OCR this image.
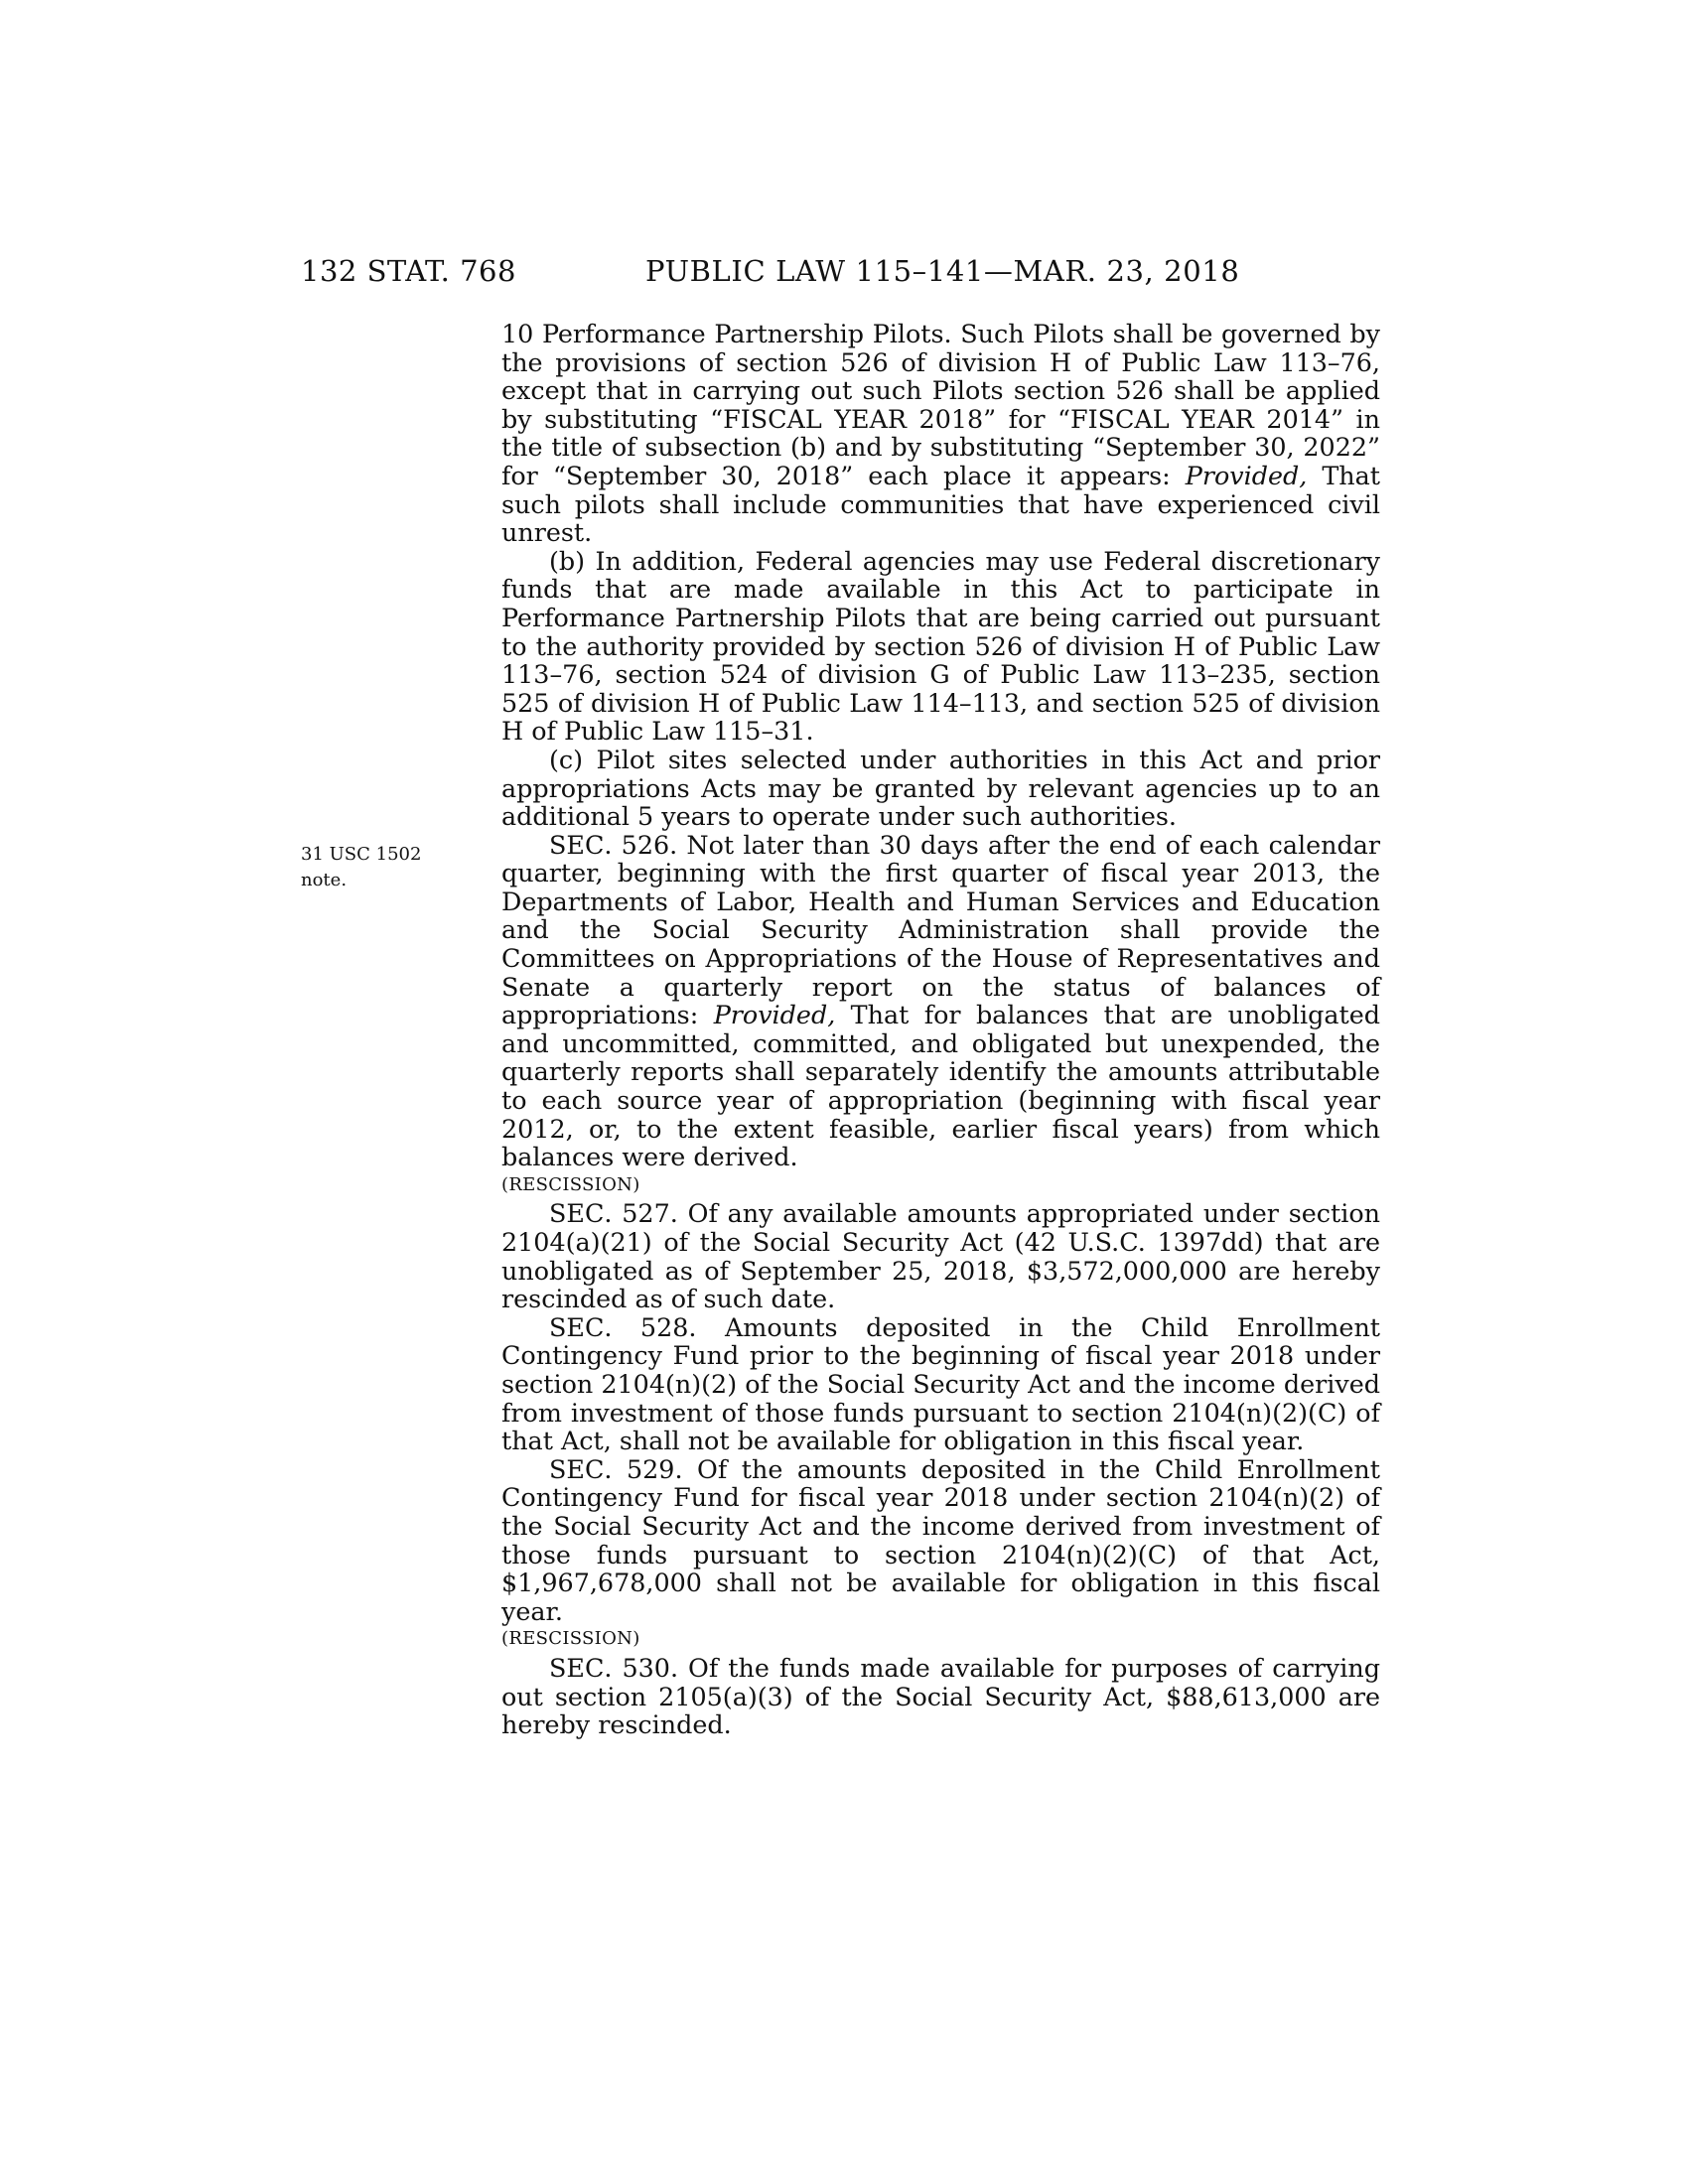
132 STAT. 768	PUBLIC LAW 115–141—MAR. 23, 2018
31 USC 1502
note.

10 Performance Partnership Pilots. Such Pilots shall be governed by the provisions of section 526 of division H of Public Law 113–76, except that in carrying out such Pilots section 526 shall be applied by substituting “FISCAL YEAR 2018” for “FISCAL YEAR 2014” in the title of subsection (b) and by substituting “September 30, 2022” for “September 30, 2018” each place it appears: Provided, That such pilots shall include communities that have experienced civil unrest.

(b) In addition, Federal agencies may use Federal discretionary funds that are made available in this Act to participate in Performance Partnership Pilots that are being carried out pursuant to the authority provided by section 526 of division H of Public Law 113–76, section 524 of division G of Public Law 113–235, section 525 of division H of Public Law 114–113, and section 525 of division H of Public Law 115–31.

(c) Pilot sites selected under authorities in this Act and prior appropriations Acts may be granted by relevant agencies up to an additional 5 years to operate under such authorities.

SEC. 526. Not later than 30 days after the end of each calendar quarter, beginning with the first quarter of fiscal year 2013, the Departments of Labor, Health and Human Services and Education and the Social Security Administration shall provide the Committees on Appropriations of the House of Representatives and Senate a quarterly report on the status of balances of appropriations: Provided, That for balances that are unobligated and uncommitted, committed, and obligated but unexpended, the quarterly reports shall separately identify the amounts attributable to each source year of appropriation (beginning with fiscal year 2012, or, to the extent feasible, earlier fiscal years) from which balances were derived.

(RESCISSION)

SEC. 527. Of any available amounts appropriated under section 2104(a)(21) of the Social Security Act (42 U.S.C. 1397dd) that are unobligated as of September 25, 2018, $3,572,000,000 are hereby rescinded as of such date.

SEC. 528. Amounts deposited in the Child Enrollment Contingency Fund prior to the beginning of fiscal year 2018 under section 2104(n)(2) of the Social Security Act and the income derived from investment of those funds pursuant to section 2104(n)(2)(C) of that Act, shall not be available for obligation in this fiscal year.

SEC. 529. Of the amounts deposited in the Child Enrollment Contingency Fund for fiscal year 2018 under section 2104(n)(2) of the Social Security Act and the income derived from investment of those funds pursuant to section 2104(n)(2)(C) of that Act, $1,967,678,000 shall not be available for obligation in this fiscal year.

(RESCISSION)

SEC. 530. Of the funds made available for purposes of carrying out section 2105(a)(3) of the Social Security Act, $88,613,000 are hereby rescinded.
